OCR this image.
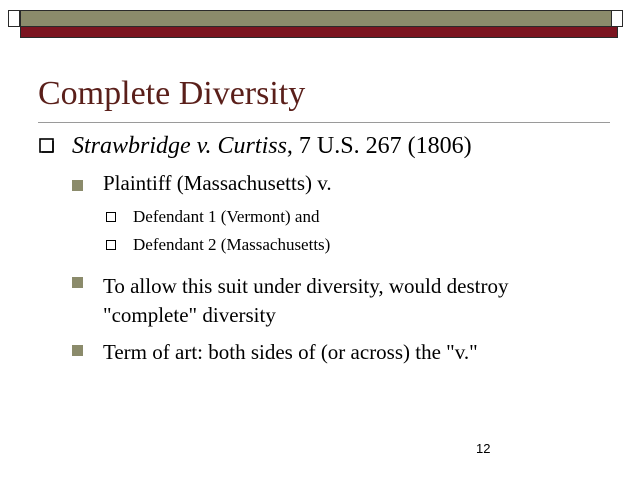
Complete Diversity
Strawbridge v. Curtiss, 7 U.S. 267 (1806)
Plaintiff (Massachusetts) v.
Defendant 1 (Vermont) and
Defendant 2 (Massachusetts)
To allow this suit under diversity, would destroy
"complete" diversity
Term of art: both sides of (or across) the "v."
12
